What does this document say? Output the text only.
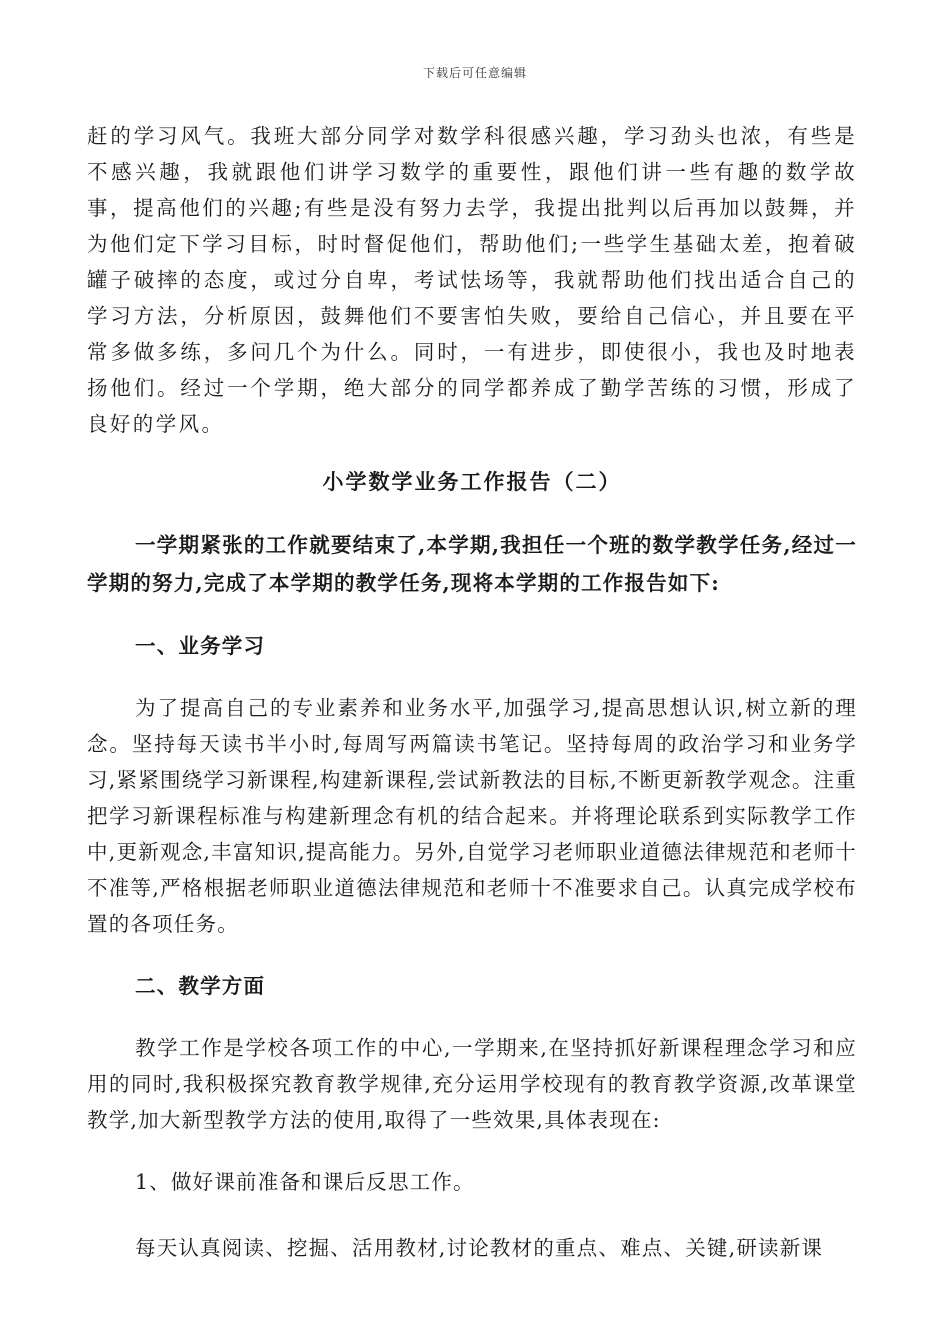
下载后可任意编辑

赶的学习风气。我班大部分同学对数学科很感兴趣，学习劲头也浓，有些是不感兴趣，我就跟他们讲学习数学的重要性，跟他们讲一些有趣的数学故事，提高他们的兴趣;有些是没有努力去学，我提出批判以后再加以鼓舞，并为他们定下学习目标，时时督促他们，帮助他们;一些学生基础太差，抱着破罐子破摔的态度，或过分自卑，考试怯场等，我就帮助他们找出适合自己的学习方法，分析原因，鼓舞他们不要害怕失败，要给自己信心，并且要在平常多做多练，多问几个为什么。同时，一有进步，即使很小，我也及时地表扬他们。经过一个学期，绝大部分的同学都养成了勤学苦练的习惯，形成了良好的学风。

小学数学业务工作报告（二）

一学期紧张的工作就要结束了,本学期,我担任一个班的数学教学任务,经过一学期的努力,完成了本学期的教学任务,现将本学期的工作报告如下:

一、业务学习

为了提高自己的专业素养和业务水平,加强学习,提高思想认识,树立新的理念。坚持每天读书半小时,每周写两篇读书笔记。坚持每周的政治学习和业务学习,紧紧围绕学习新课程,构建新课程,尝试新教法的目标,不断更新教学观念。注重把学习新课程标准与构建新理念有机的结合起来。并将理论联系到实际教学工作中,更新观念,丰富知识,提高能力。另外,自觉学习老师职业道德法律规范和老师十不准等,严格根据老师职业道德法律规范和老师十不准要求自己。认真完成学校布置的各项任务。

二、教学方面

教学工作是学校各项工作的中心,一学期来,在坚持抓好新课程理念学习和应用的同时,我积极探究教育教学规律,充分运用学校现有的教育教学资源,改革课堂教学,加大新型教学方法的使用,取得了一些效果,具体表现在:

1、做好课前准备和课后反思工作。

每天认真阅读、挖掘、活用教材,讨论教材的重点、难点、关键,研读新课
